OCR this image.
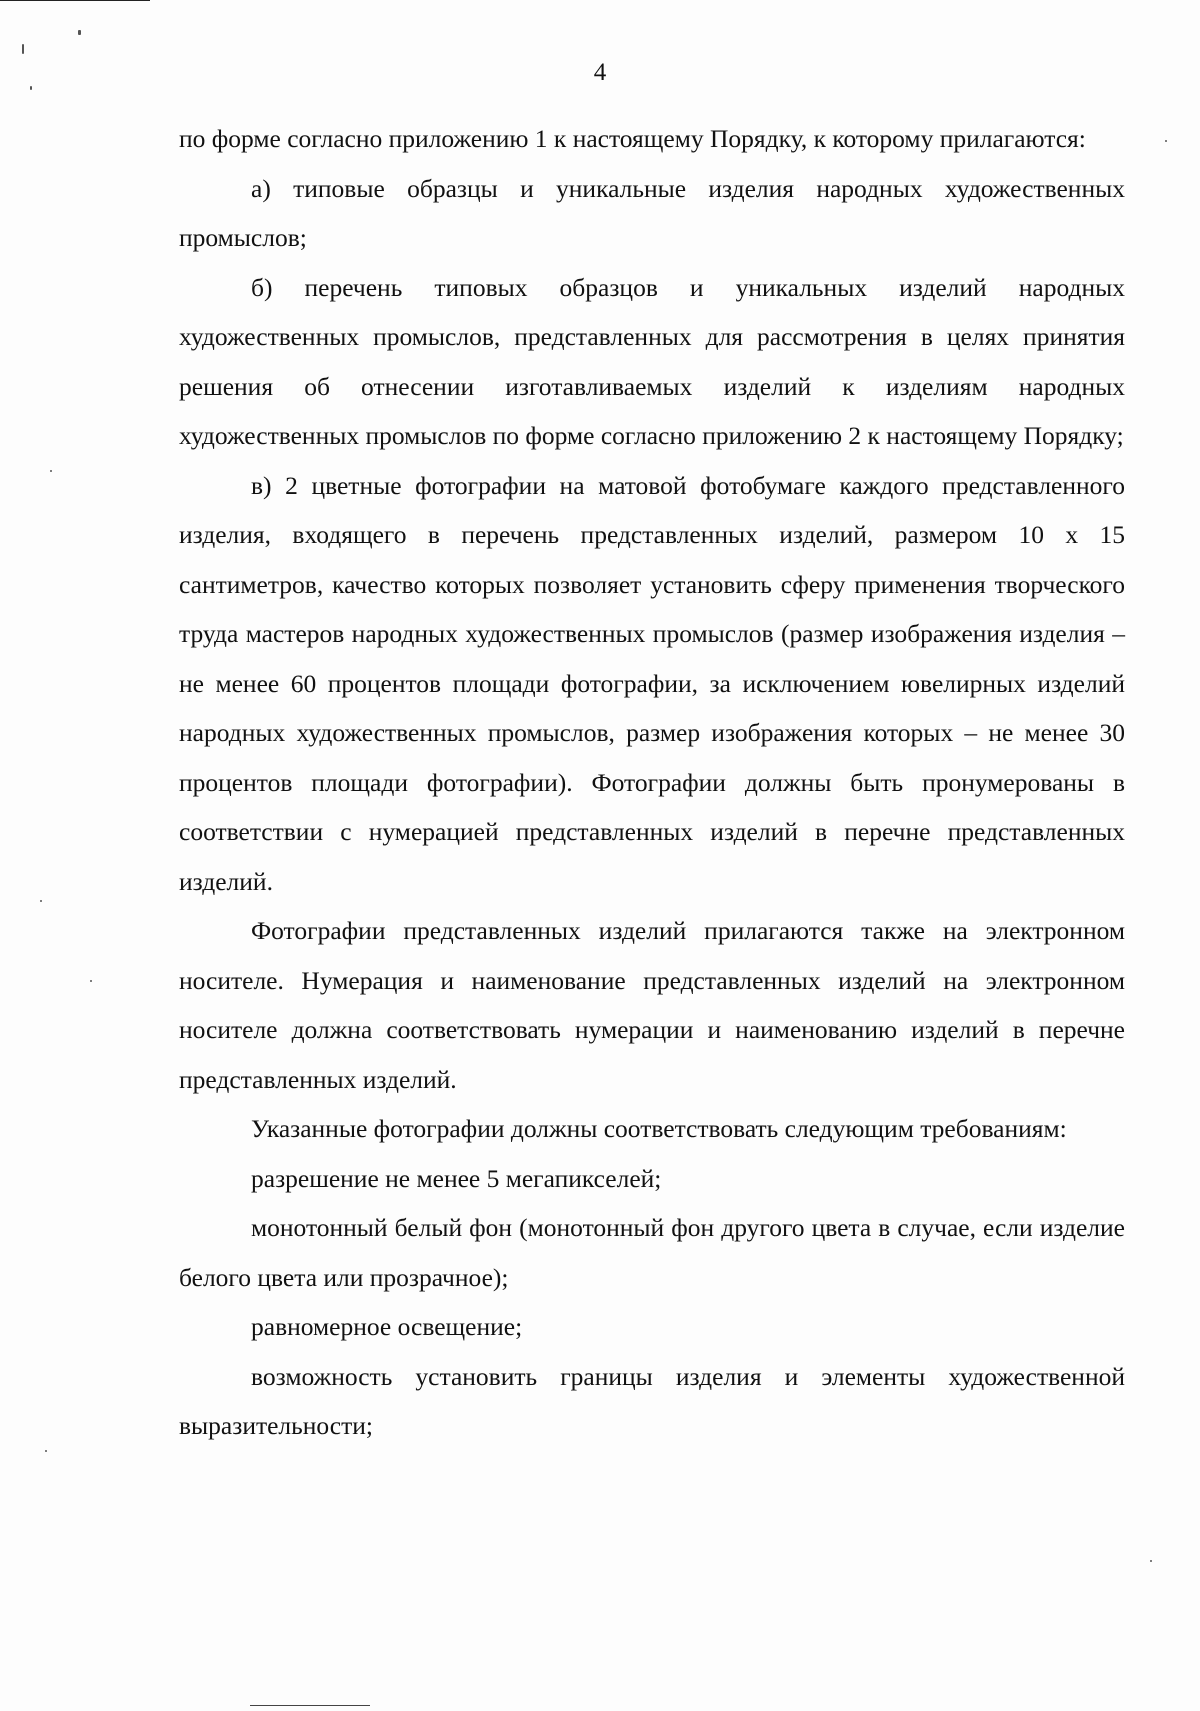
4

по форме согласно приложению 1 к настоящему Порядку, к которому прилагаются:

а) типовые образцы и уникальные изделия народных художественных промыслов;

б) перечень типовых образцов и уникальных изделий народных художественных промыслов, представленных для рассмотрения в целях принятия решения об отнесении изготавливаемых изделий к изделиям народных художественных промыслов по форме согласно приложению 2 к настоящему Порядку;

в) 2 цветные фотографии на матовой фотобумаге каждого представленного изделия, входящего в перечень представленных изделий, размером 10 х 15 сантиметров, качество которых позволяет установить сферу применения творческого труда мастеров народных художественных промыслов (размер изображения изделия – не менее 60 процентов площади фотографии, за исключением ювелирных изделий народных художественных промыслов, размер изображения которых – не менее 30 процентов площади фотографии). Фотографии должны быть пронумерованы в соответствии с нумерацией представленных изделий в перечне представленных изделий.

Фотографии представленных изделий прилагаются также на электронном носителе. Нумерация и наименование представленных изделий на электронном носителе должна соответствовать нумерации и наименованию изделий в перечне представленных изделий.

Указанные фотографии должны соответствовать следующим требованиям:

разрешение не менее 5 мегапикселей;

монотонный белый фон (монотонный фон другого цвета в случае, если изделие белого цвета или прозрачное);

равномерное освещение;

возможность установить границы изделия и элементы художественной выразительности;
